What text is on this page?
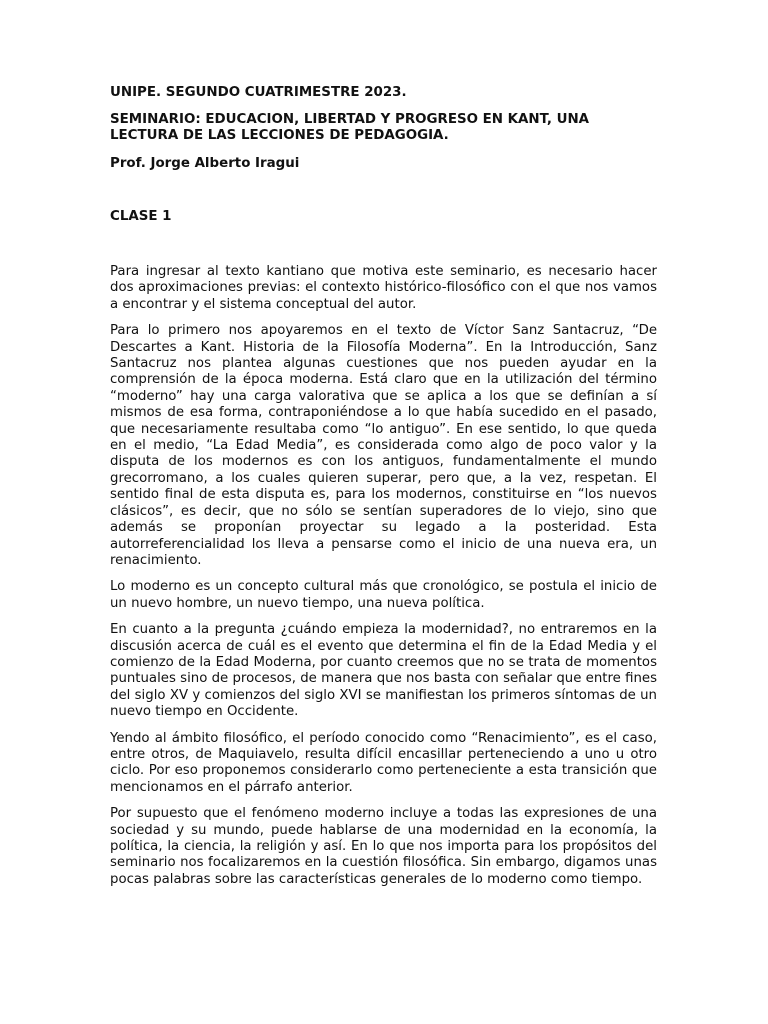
UNIPE. SEGUNDO CUATRIMESTRE 2023.

SEMINARIO: EDUCACION, LIBERTAD Y PROGRESO EN KANT, UNA LECTURA DE LAS LECCIONES DE PEDAGOGIA.

Prof. Jorge Alberto Iragui

CLASE 1

Para ingresar al texto kantiano que motiva este seminario, es necesario hacer dos aproximaciones previas: el contexto histórico-filosófico con el que nos vamos a encontrar y el sistema conceptual del autor.

Para lo primero nos apoyaremos en el texto de Víctor Sanz Santacruz, “De Descartes a Kant. Historia de la Filosofía Moderna”. En la Introducción, Sanz Santacruz nos plantea algunas cuestiones que nos pueden ayudar en la comprensión de la época moderna. Está claro que en la utilización del término “moderno” hay una carga valorativa que se aplica a los que se definían a sí mismos de esa forma, contraponiéndose a lo que había sucedido en el pasado, que necesariamente resultaba como “lo antiguo”. En ese sentido, lo que queda en el medio, “La Edad Media”, es considerada como algo de poco valor y la disputa de los modernos es con los antiguos, fundamentalmente el mundo grecorromano, a los cuales quieren superar, pero que, a la vez, respetan. El sentido final de esta disputa es, para los modernos, constituirse en “los nuevos clásicos”, es decir, que no sólo se sentían superadores de lo viejo, sino que además se proponían proyectar su legado a la posteridad. Esta autorreferencialidad los lleva a pensarse como el inicio de una nueva era, un renacimiento.

Lo moderno es un concepto cultural más que cronológico, se postula el inicio de un nuevo hombre, un nuevo tiempo, una nueva política.

En cuanto a la pregunta ¿cuándo empieza la modernidad?, no entraremos en la discusión acerca de cuál es el evento que determina el fin de la Edad Media y el comienzo de la Edad Moderna, por cuanto creemos que no se trata de momentos puntuales sino de procesos, de manera que nos basta con señalar que entre fines del siglo XV y comienzos del siglo XVI se manifiestan los primeros síntomas de un nuevo tiempo en Occidente.

Yendo al ámbito filosófico, el período conocido como “Renacimiento”, es el caso, entre otros, de Maquiavelo, resulta difícil encasillar perteneciendo a uno u otro ciclo. Por eso proponemos considerarlo como perteneciente a esta transición que mencionamos en el párrafo anterior.

Por supuesto que el fenómeno moderno incluye a todas las expresiones de una sociedad y su mundo, puede hablarse de una modernidad en la economía, la política, la ciencia, la religión y así. En lo que nos importa para los propósitos del seminario nos focalizaremos en la cuestión filosófica. Sin embargo, digamos unas pocas palabras sobre las características generales de lo moderno como tiempo.
